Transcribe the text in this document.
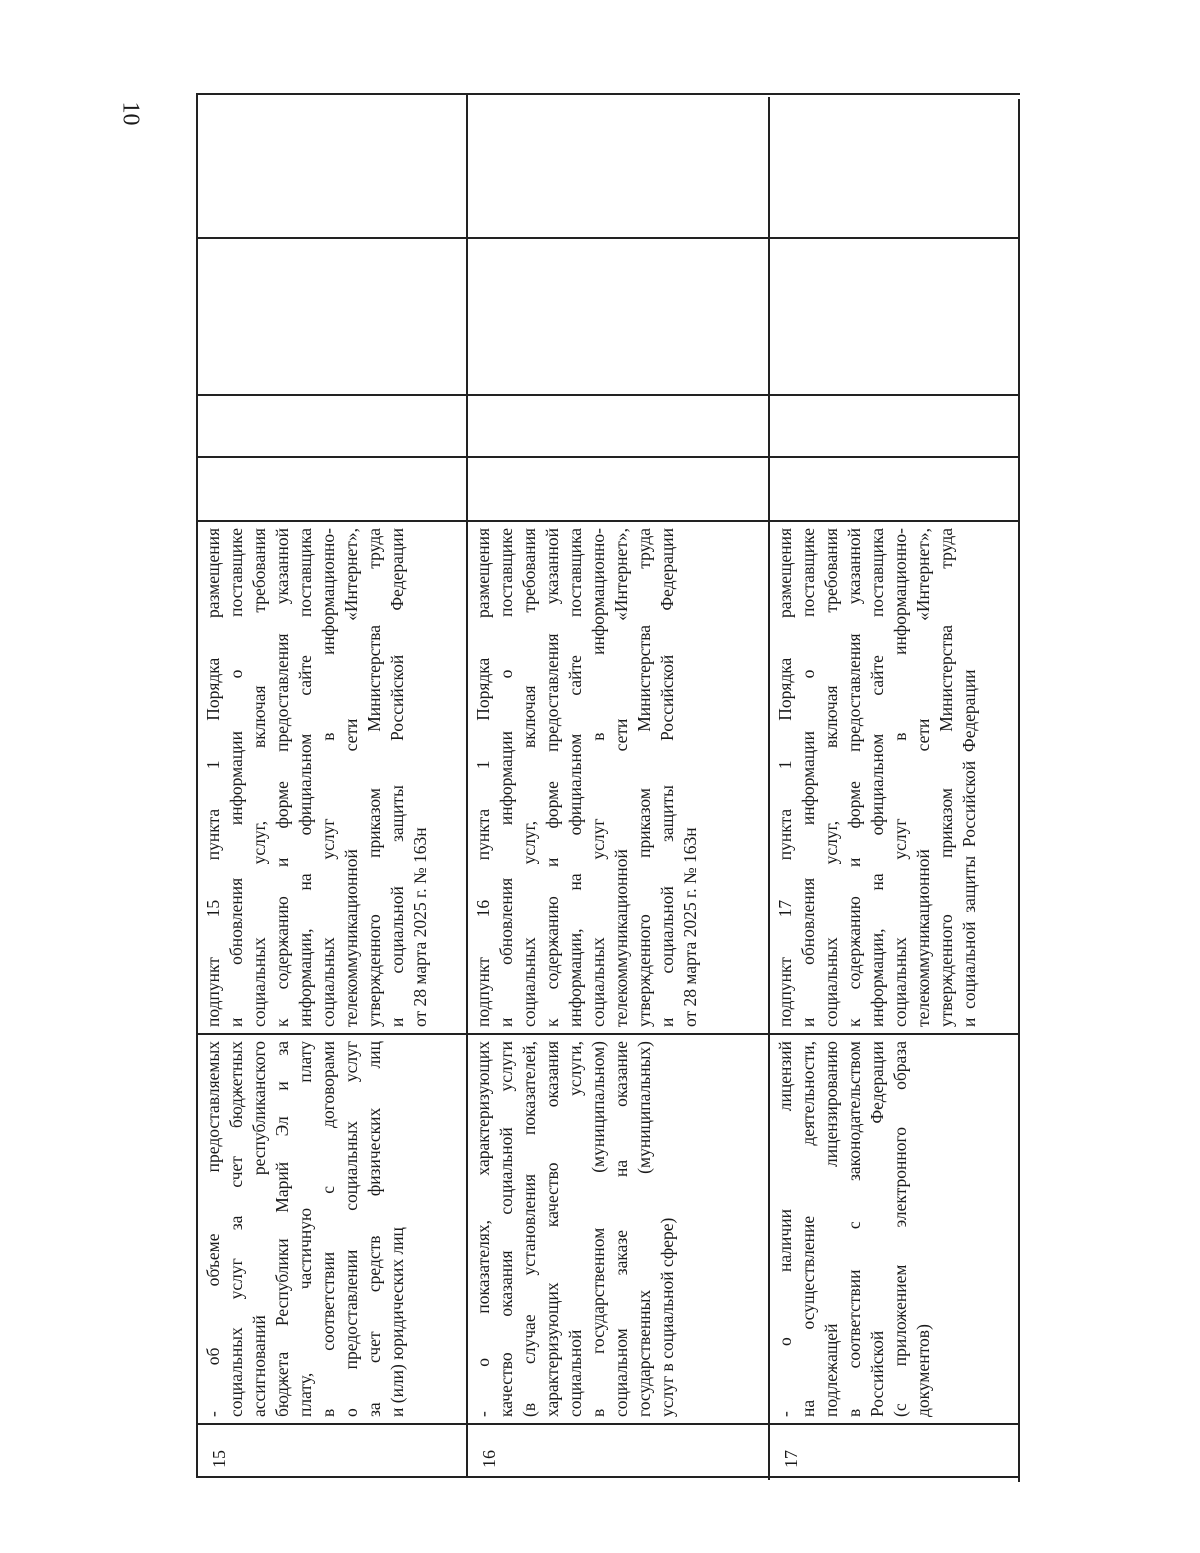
10
15
-   об    объеме    предоставляемых социальных услуг за счет бюджетных ассигнований       республиканского бюджета Республики Марий Эл и за плату,      частичную         плату в  соответствии  с  договорами о предоставлении социальных услуг за  счет  средств  физических  лиц и (или) юридических лиц
подпункт  15  пункта  1  Порядка  размещения и   обновления   информации   о   поставщике социальных   услуг,   включая   требования к содержанию и форме предоставления указанной информации, на официальном сайте поставщика социальных   услуг   в   информационно- телекоммуникационной   сети   «Интернет», утвержденного   приказом   Министерства   труда и  социальной  защиты  Российской  Федерации от 28 марта 2025 г. № 163н
16
- о показателях, характеризующих качество оказания социальной услуги (в случае установления показателей, характеризующих качество оказания социальной                   услуги, в государственном (муниципальном) социальном  заказе  на  оказание государственных   (муниципальных) услуг в социальной сфере)
подпункт  16  пункта  1  Порядка  размещения и   обновления   информации   о   поставщике социальных   услуг,   включая   требования к содержанию и форме предоставления указанной информации, на официальном сайте поставщика социальных   услуг   в   информационно- телекоммуникационной   сети   «Интернет», утвержденного   приказом   Министерства   труда и  социальной  защиты  Российской  Федерации от 28 марта 2025 г. № 163н
17
-      о      наличии         лицензий на  осуществление  деятельности, подлежащей    лицензированию в соответствии с законодательством Российской               Федерации (с приложением электронного образа документов)
подпункт  17  пункта  1  Порядка  размещения и   обновления   информации   о   поставщике социальных   услуг,   включая   требования к содержанию и форме предоставления указанной информации, на официальном сайте поставщика социальных   услуг   в   информационно- телекоммуникационной   сети   «Интернет», утвержденного   приказом   Министерства   труда и  социальной  защиты  Российской  Федерации
